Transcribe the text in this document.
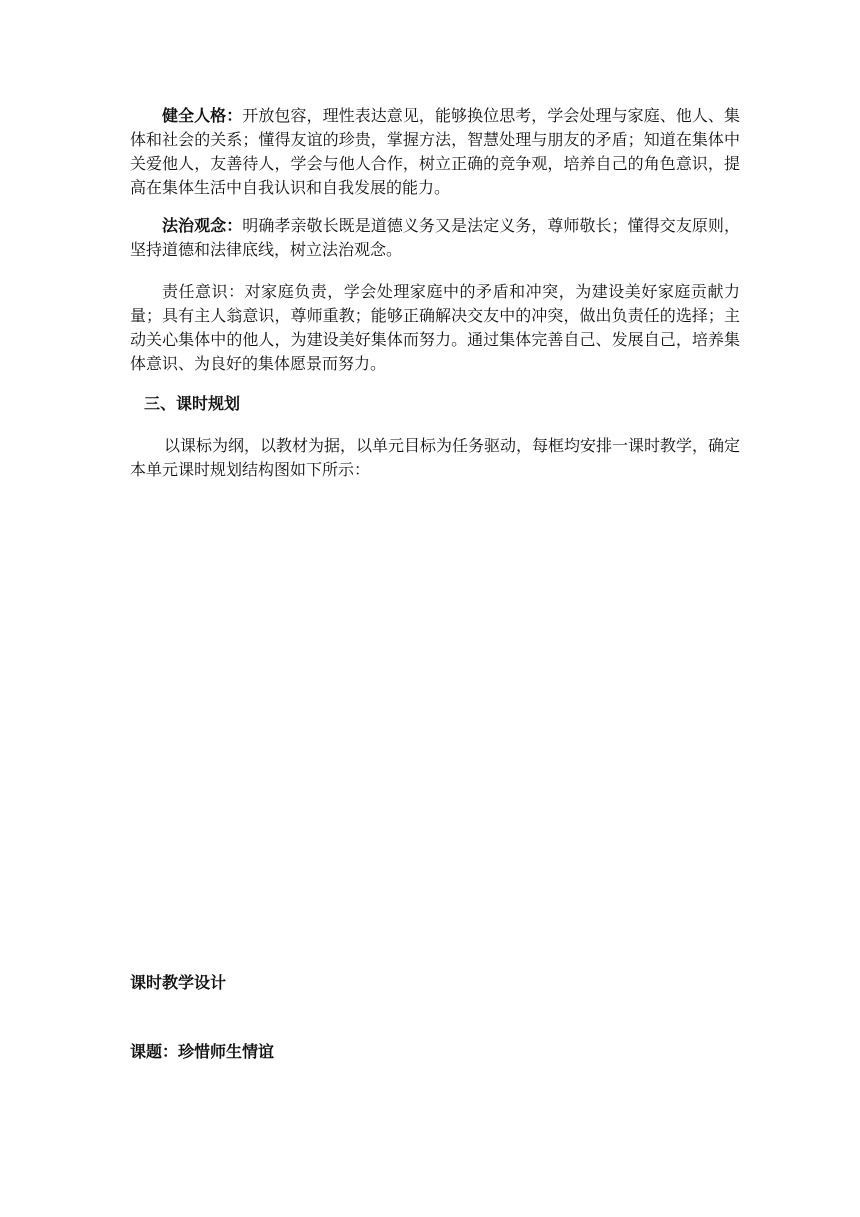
健全人格：开放包容，理性表达意见，能够换位思考，学会处理与家庭、他人、集体和社会的关系；懂得友谊的珍贵，掌握方法，智慧处理与朋友的矛盾；知道在集体中关爱他人，友善待人，学会与他人合作，树立正确的竞争观，培养自己的角色意识，提高在集体生活中自我认识和自我发展的能力。

法治观念：明确孝亲敬长既是道德义务又是法定义务，尊师敬长；懂得交友原则，坚持道德和法律底线，树立法治观念。

责任意识：对家庭负责，学会处理家庭中的矛盾和冲突，为建设美好家庭贡献力量；具有主人翁意识，尊师重教；能够正确解决交友中的冲突，做出负责任的选择；主动关心集体中的他人，为建设美好集体而努力。通过集体完善自己、发展自己，培养集体意识、为良好的集体愿景而努力。

三、课时规划

以课标为纲，以教材为据，以单元目标为任务驱动，每框均安排一课时教学，确定本单元课时规划结构图如下所示：

课时教学设计

课题：珍惜师生情谊
